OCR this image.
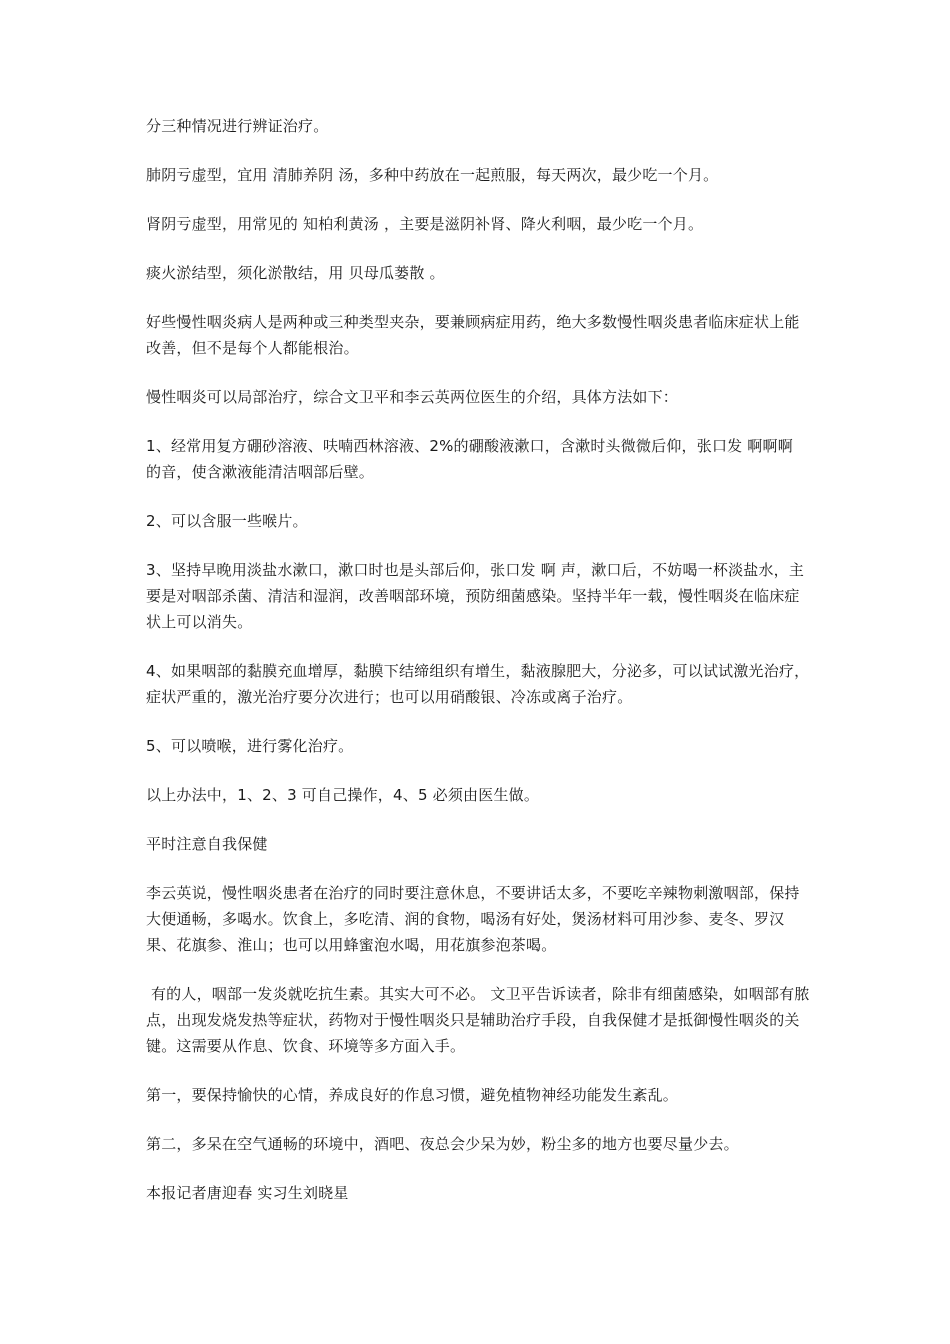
分三种情况进行辨证治疗。

肺阴亏虚型，宜用 清肺养阴 汤，多种中药放在一起煎服，每天两次，最少吃一个月。

肾阴亏虚型，用常见的 知柏利黄汤 ，主要是滋阴补肾、降火利咽，最少吃一个月。

痰火淤结型，须化淤散结，用 贝母瓜蒌散 。

好些慢性咽炎病人是两种或三种类型夹杂，要兼顾病症用药，绝大多数慢性咽炎患者临床症状上能改善，但不是每个人都能根治。

慢性咽炎可以局部治疗，综合文卫平和李云英两位医生的介绍，具体方法如下：

1、经常用复方硼砂溶液、呋喃西林溶液、2%的硼酸液漱口，含漱时头微微后仰，张口发 啊啊啊 的音，使含漱液能清洁咽部后壁。

2、可以含服一些喉片。

3、坚持早晚用淡盐水漱口，漱口时也是头部后仰，张口发 啊 声，漱口后，不妨喝一杯淡盐水，主要是对咽部杀菌、清洁和湿润，改善咽部环境，预防细菌感染。坚持半年一载，慢性咽炎在临床症状上可以消失。

4、如果咽部的黏膜充血增厚，黏膜下结缔组织有增生，黏液腺肥大，分泌多，可以试试激光治疗，症状严重的，激光治疗要分次进行；也可以用硝酸银、冷冻或离子治疗。

5、可以喷喉，进行雾化治疗。

以上办法中，1、2、3 可自己操作，4、5 必须由医生做。

平时注意自我保健

李云英说，慢性咽炎患者在治疗的同时要注意休息，不要讲话太多，不要吃辛辣物刺激咽部，保持大便通畅，多喝水。饮食上，多吃清、润的食物，喝汤有好处，煲汤材料可用沙参、麦冬、罗汉果、花旗参、淮山；也可以用蜂蜜泡水喝，用花旗参泡茶喝。

有的人，咽部一发炎就吃抗生素。其实大可不必。 文卫平告诉读者，除非有细菌感染，如咽部有脓点，出现发烧发热等症状，药物对于慢性咽炎只是辅助治疗手段，自我保健才是抵御慢性咽炎的关键。这需要从作息、饮食、环境等多方面入手。

第一，要保持愉快的心情，养成良好的作息习惯，避免植物神经功能发生紊乱。

第二，多呆在空气通畅的环境中，酒吧、夜总会少呆为妙，粉尘多的地方也要尽量少去。

本报记者唐迎春 实习生刘晓星
